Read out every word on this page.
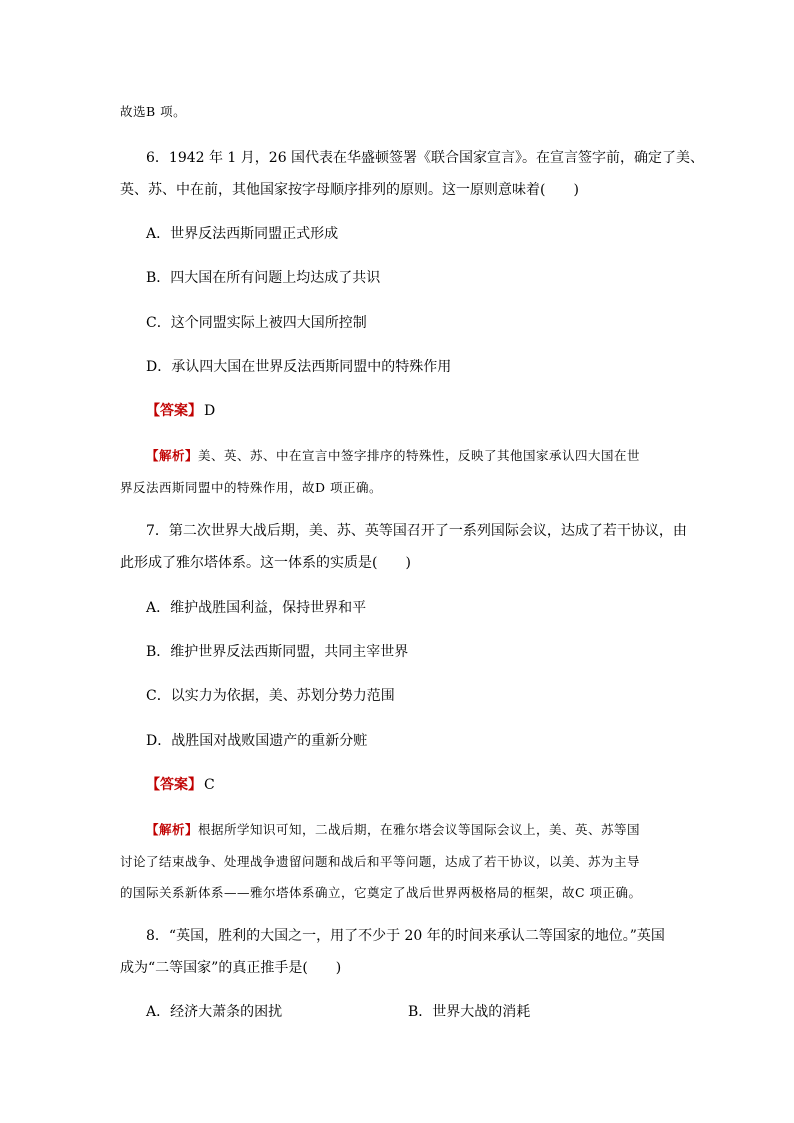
故选B 项。
6．1942 年 1 月，26 国代表在华盛顿签署《联合国家宣言》。在宣言签字前，确定了美、
英、苏、中在前，其他国家按字母顺序排列的原则。这一原则意味着(　　)
A．世界反法西斯同盟正式形成
B．四大国在所有问题上均达成了共识
C．这个同盟实际上被四大国所控制
D．承认四大国在世界反法西斯同盟中的特殊作用
【答案】 D
【解析】美、英、苏、中在宣言中签字排序的特殊性，反映了其他国家承认四大国在世
界反法西斯同盟中的特殊作用，故D 项正确。
7．第二次世界大战后期，美、苏、英等国召开了一系列国际会议，达成了若干协议，由
此形成了雅尔塔体系。这一体系的实质是(　　)
A．维护战胜国利益，保持世界和平
B．维护世界反法西斯同盟，共同主宰世界
C．以实力为依据，美、苏划分势力范围
D．战胜国对战败国遗产的重新分赃
【答案】 C
【解析】根据所学知识可知，二战后期，在雅尔塔会议等国际会议上，美、英、苏等国
讨论了结束战争、处理战争遗留问题和战后和平等问题，达成了若干协议，以美、苏为主导
的国际关系新体系——雅尔塔体系确立，它奠定了战后世界两极格局的框架，故C 项正确。
8．“英国，胜利的大国之一，用了不少于 20 年的时间来承认二等国家的地位。”英国
成为“二等国家”的真正推手是(　　)
A．经济大萧条的困扰	B．世界大战的消耗
